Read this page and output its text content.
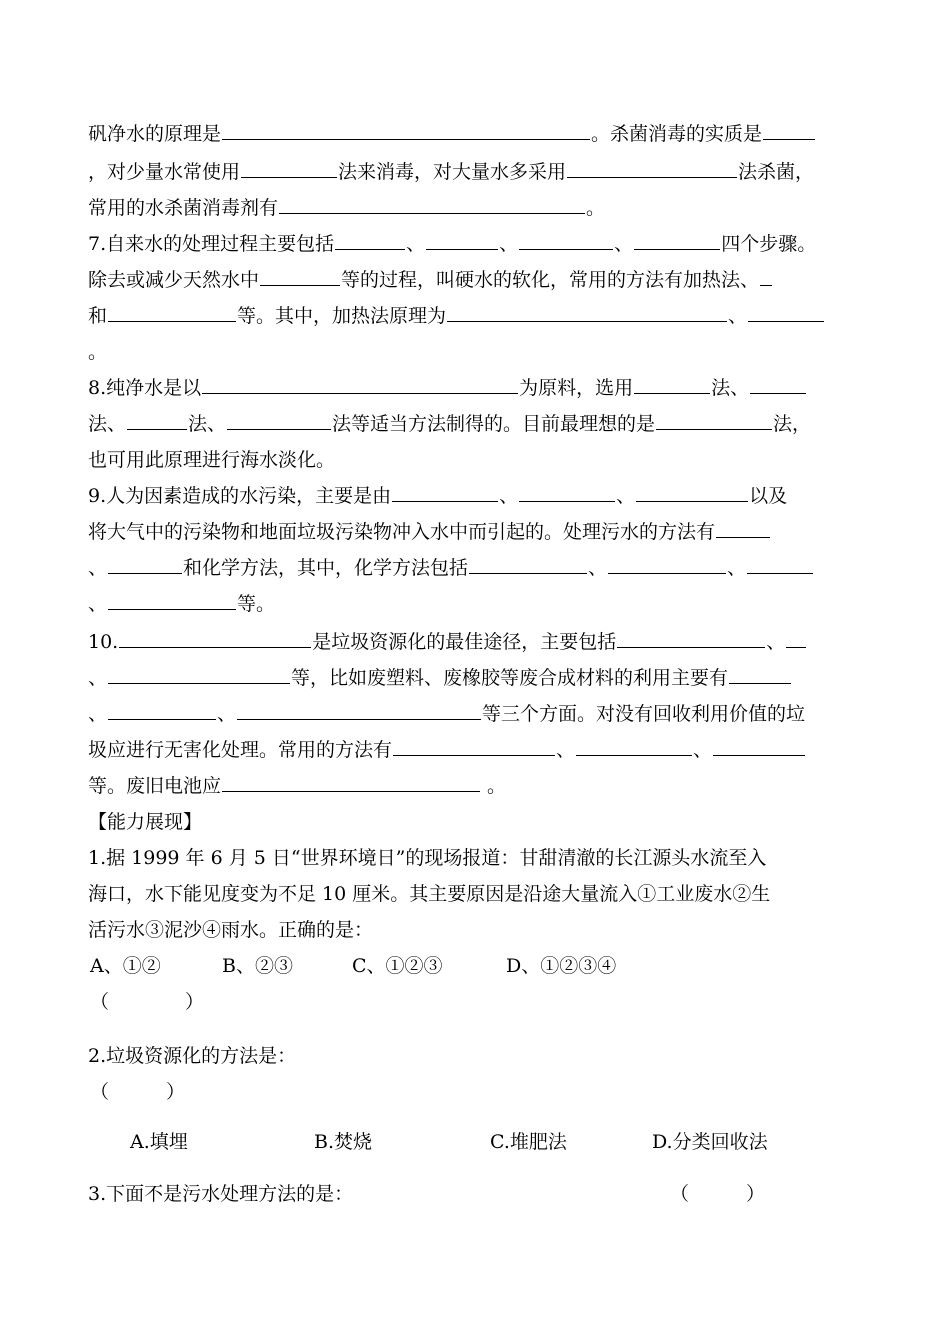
矾净水的原理是	。杀菌消毒的实质是
，对少量水常使用	法来消毒，对大量水多采用	法杀菌，
常用的水杀菌消毒剂有	。
7.自来水的处理过程主要包括	、	、	、	四个步骤。
除去或减少天然水中	等的过程，叫硬水的软化，常用的方法有加热法、
和	等。其中，加热法原理为	、
。
8.纯净水是以	为原料，选用	法、
法、	法、	法等适当方法制得的。目前最理想的是	法，
也可用此原理进行海水淡化。
9.人为因素造成的水污染，主要是由	、	、	以及
将大气中的污染物和地面垃圾污染物冲入水中而引起的。处理污水的方法有
、	和化学方法，其中，化学方法包括	、	、
、	等。
10.	是垃圾资源化的最佳途径，主要包括	、
、	等，比如废塑料、废橡胶等废合成材料的利用主要有
、	、	等三个方面。对没有回收利用价值的垃
圾应进行无害化处理。常用的方法有	、	、
等。废旧电池应	。
【能力展现】
1.据 1999 年 6 月 5 日“世界环境日”的现场报道：甘甜清澈的长江源头水流至入
海口，水下能见度变为不足 10 厘米。其主要原因是沿途大量流入①工业废水②生
活污水③泥沙④雨水。正确的是：
A、①②	B、②③	C、①②③	D、①②③④
（　　　　）
2.垃圾资源化的方法是：
（　　　）
A.填埋	B.焚烧	C.堆肥法	D.分类回收法
3.下面不是污水处理方法的是：	（　　　）
